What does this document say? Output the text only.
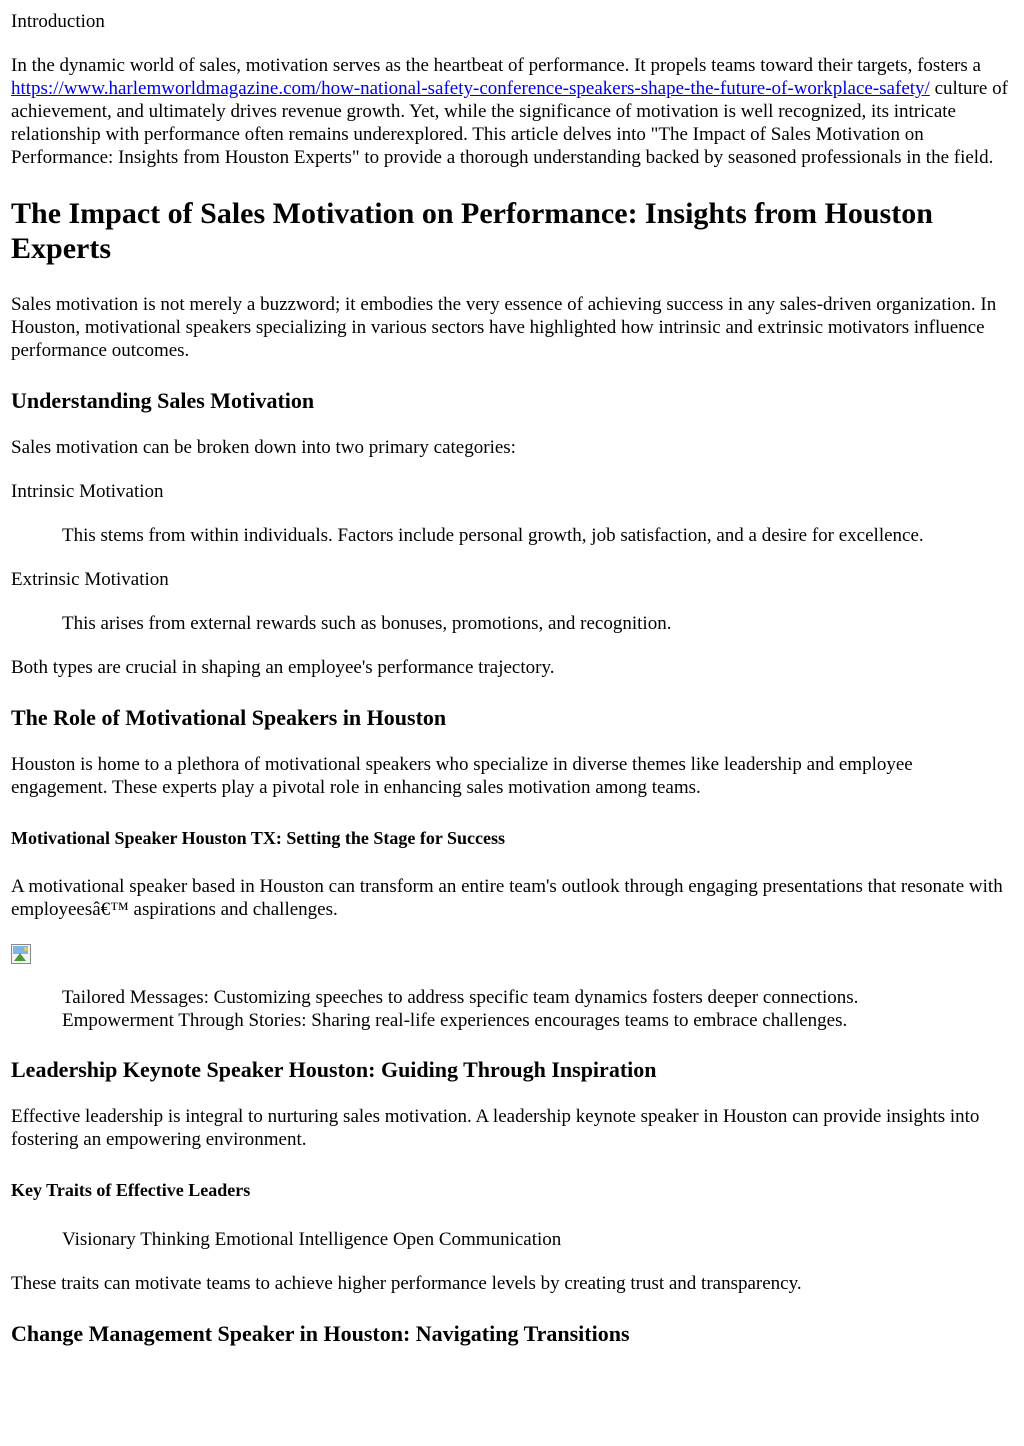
Introduction

In the dynamic world of sales, motivation serves as the heartbeat of performance. It propels teams toward their targets, fosters a https://www.harlemworldmagazine.com/how-national-safety-conference-speakers-shape-the-future-of-workplace-safety/ culture of achievement, and ultimately drives revenue growth. Yet, while the significance of motivation is well recognized, its intricate relationship with performance often remains underexplored. This article delves into "The Impact of Sales Motivation on Performance: Insights from Houston Experts" to provide a thorough understanding backed by seasoned professionals in the field.

The Impact of Sales Motivation on Performance: Insights from Houston Experts

Sales motivation is not merely a buzzword; it embodies the very essence of achieving success in any sales-driven organization. In Houston, motivational speakers specializing in various sectors have highlighted how intrinsic and extrinsic motivators influence performance outcomes.

Understanding Sales Motivation

Sales motivation can be broken down into two primary categories:

Intrinsic Motivation

This stems from within individuals. Factors include personal growth, job satisfaction, and a desire for excellence.

Extrinsic Motivation

This arises from external rewards such as bonuses, promotions, and recognition.

Both types are crucial in shaping an employee's performance trajectory.

The Role of Motivational Speakers in Houston

Houston is home to a plethora of motivational speakers who specialize in diverse themes like leadership and employee engagement. These experts play a pivotal role in enhancing sales motivation among teams.

Motivational Speaker Houston TX: Setting the Stage for Success

A motivational speaker based in Houston can transform an entire team's outlook through engaging presentations that resonate with employeesâ€™ aspirations and challenges.

Tailored Messages: Customizing speeches to address specific team dynamics fosters deeper connections.

Empowerment Through Stories: Sharing real-life experiences encourages teams to embrace challenges.

Leadership Keynote Speaker Houston: Guiding Through Inspiration

Effective leadership is integral to nurturing sales motivation. A leadership keynote speaker in Houston can provide insights into fostering an empowering environment.

Key Traits of Effective Leaders

Visionary Thinking Emotional Intelligence Open Communication

These traits can motivate teams to achieve higher performance levels by creating trust and transparency.

Change Management Speaker in Houston: Navigating Transitions
